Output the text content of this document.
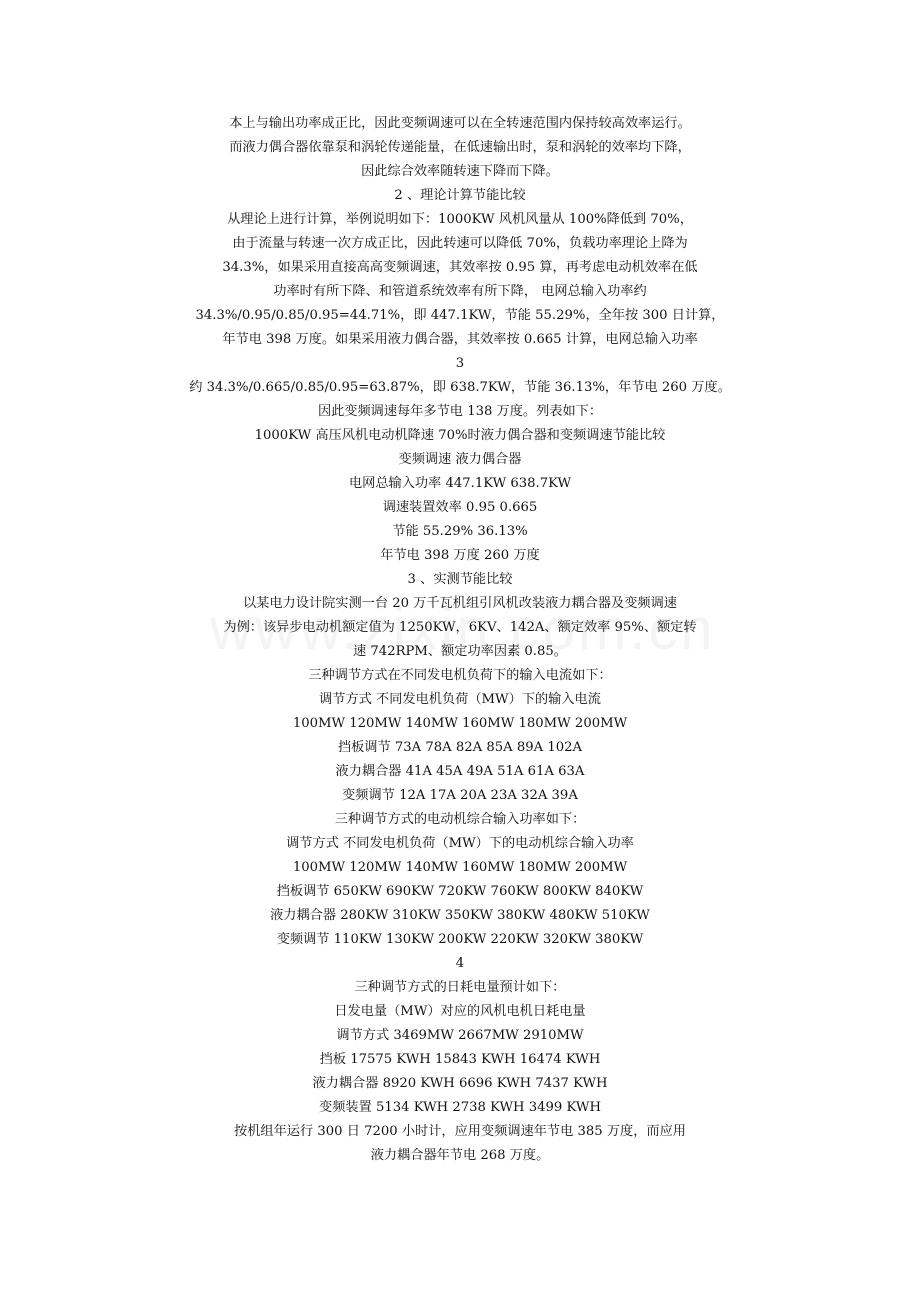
本上与输出功率成正比，因此变频调速可以在全转速范围内保持较高效率运行。
而液力偶合器依靠泵和涡轮传递能量，在低速输出时，泵和涡轮的效率均下降，
因此综合效率随转速下降而下降。
2 、理论计算节能比较
从理论上进行计算，举例说明如下：1000KW 风机风量从 100%降低到 70%，
由于流量与转速一次方成正比，因此转速可以降低 70%，负载功率理论上降为
34.3%，如果采用直接高高变频调速，其效率按 0.95 算，再考虑电动机效率在低
功率时有所下降、和管道系统效率有所下降， 电网总输入功率约
34.3%/0.95/0.85/0.95=44.71%，即 447.1KW，节能 55.29%，全年按 300 日计算，
年节电 398 万度。如果采用液力偶合器，其效率按 0.665 计算，电网总输入功率
3
约 34.3%/0.665/0.85/0.95=63.87%，即 638.7KW，节能 36.13%，年节电 260 万度。
因此变频调速每年多节电 138 万度。列表如下：
1000KW 高压风机电动机降速 70%时液力偶合器和变频调速节能比较
变频调速 液力偶合器
电网总输入功率 447.1KW 638.7KW
调速装置效率 0.95 0.665
节能 55.29% 36.13%
年节电 398 万度 260 万度
3 、实测节能比较
以某电力设计院实测一台 20 万千瓦机组引风机改装液力耦合器及变频调速
为例：该异步电动机额定值为 1250KW，6KV、142A、额定效率 95%、额定转
速 742RPM、额定功率因素 0.85。
三种调节方式在不同发电机负荷下的输入电流如下：
调节方式 不同发电机负荷（MW）下的输入电流
100MW 120MW 140MW 160MW 180MW 200MW
挡板调节 73A 78A 82A 85A 89A 102A
液力耦合器 41A 45A 49A 51A 61A 63A
变频调节 12A 17A 20A 23A 32A 39A
三种调节方式的电动机综合输入功率如下：
调节方式 不同发电机负荷（MW）下的电动机综合输入功率
100MW 120MW 140MW 160MW 180MW 200MW
挡板调节 650KW 690KW 720KW 760KW 800KW 840KW
液力耦合器 280KW 310KW 350KW 380KW 480KW 510KW
变频调节 110KW 130KW 200KW 220KW 320KW 380KW
4
三种调节方式的日耗电量预计如下：
日发电量（MW）对应的风机电机日耗电量
调节方式 3469MW 2667MW 2910MW
挡板 17575 KWH 15843 KWH 16474 KWH
液力耦合器 8920 KWH 6696 KWH 7437 KWH
变频装置 5134 KWH 2738 KWH 3499 KWH
按机组年运行 300 日 7200 小时计，应用变频调速年节电 385 万度，而应用
液力耦合器年节电 268 万度。
